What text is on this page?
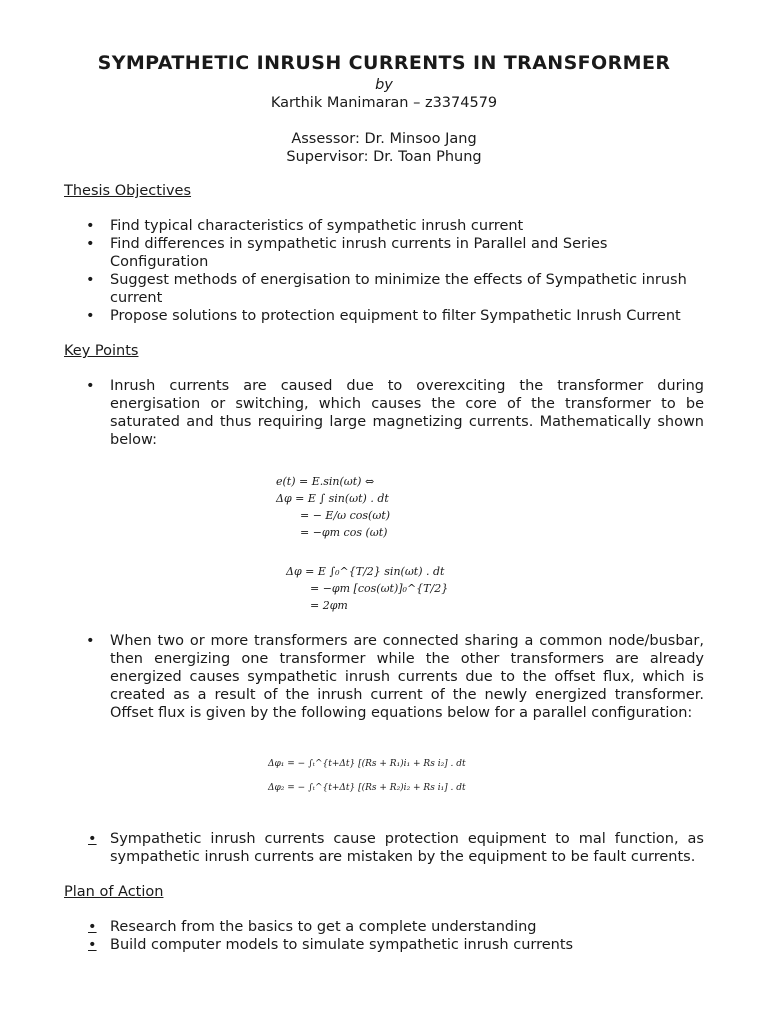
SYMPATHETIC INRUSH CURRENTS IN TRANSFORMER
by
Karthik Manimaran – z3374579
Assessor: Dr. Minsoo Jang
Supervisor: Dr. Toan Phung
Thesis Objectives
• Find typical characteristics of sympathetic inrush current
• Find differences in sympathetic inrush currents in Parallel and Series Configuration
• Suggest methods of energisation to minimize the effects of Sympathetic inrush current
• Propose solutions to protection equipment to filter Sympathetic Inrush Current
Key Points
• Inrush currents are caused due to overexciting the transformer during energisation or switching, which causes the core of the transformer to be saturated and thus requiring large magnetizing currents. Mathematically shown below:
e(t) = E.sin(ωt) ⇔
Δφ = E ∫ sin(ωt) . dt
= − E/ω cos(ωt)
= −φm cos (ωt)
Δφ = E ∫₀^{T/2} sin(ωt) . dt
= −φm [cos(ωt)]₀^{T/2}
= 2φm
• When two or more transformers are connected sharing a common node/busbar, then energizing one transformer while the other transformers are already energized causes sympathetic inrush currents due to the offset flux, which is created as a result of the inrush current of the newly energized transformer. Offset flux is given by the following equations below for a parallel configuration:
Δφ₁ = − ∫ₜ^{t+Δt} [(Rs + R₁)i₁ + Rs i₂] . dt
Δφ₂ = − ∫ₜ^{t+Δt} [(Rs + R₂)i₂ + Rs i₁] . dt
• Sympathetic inrush currents cause protection equipment to mal function, as sympathetic inrush currents are mistaken by the equipment to be fault currents.
Plan of Action
• Research from the basics to get a complete understanding
• Build computer models to simulate sympathetic inrush currents
